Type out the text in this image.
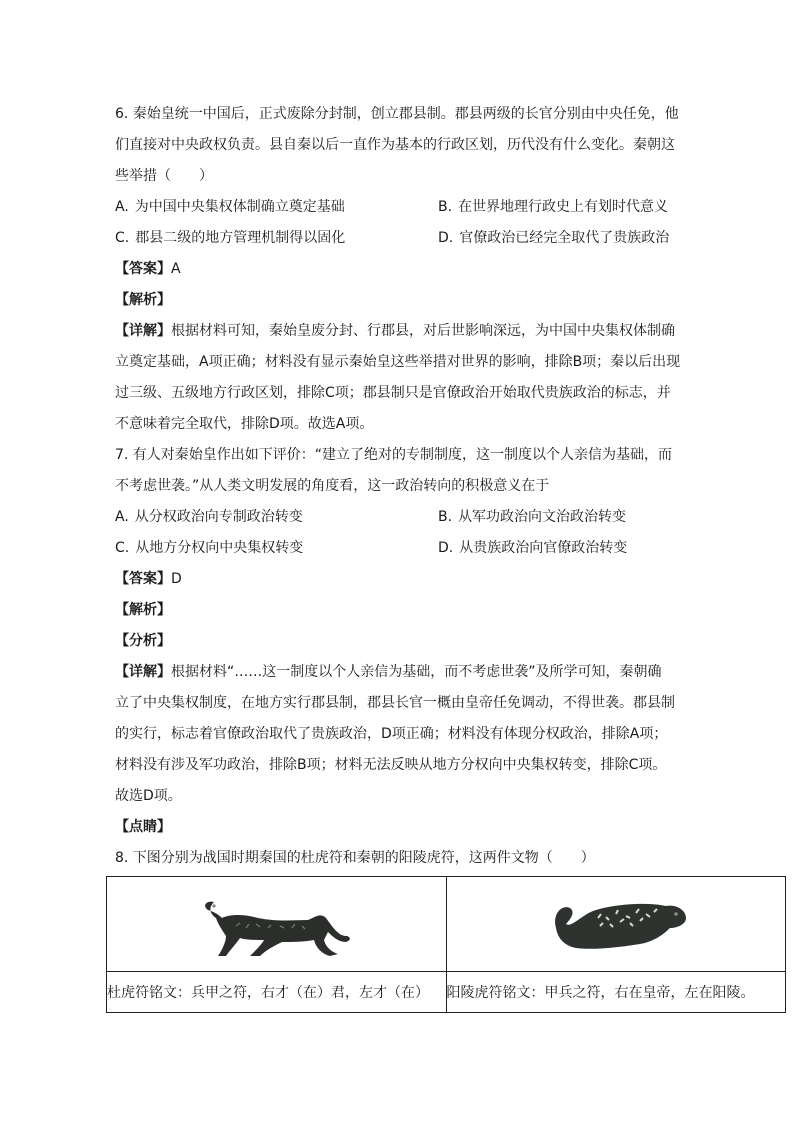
6. 秦始皇统一中国后，正式废除分封制，创立郡县制。郡县两级的长官分别由中央任免，他
们直接对中央政权负责。县自秦以后一直作为基本的行政区划，历代没有什么变化。秦朝这
些举措（　　）
A. 为中国中央集权体制确立奠定基础	B. 在世界地理行政史上有划时代意义
C. 郡县二级的地方管理机制得以固化	D. 官僚政治已经完全取代了贵族政治
【答案】A
【解析】
【详解】根据材料可知，秦始皇废分封、行郡县，对后世影响深远，为中国中央集权体制确
立奠定基础，A项正确；材料没有显示秦始皇这些举措对世界的影响，排除B项；秦以后出现
过三级、五级地方行政区划，排除C项；郡县制只是官僚政治开始取代贵族政治的标志，并
不意味着完全取代，排除D项。故选A项。
7. 有人对秦始皇作出如下评价：“建立了绝对的专制制度，这一制度以个人亲信为基础，而
不考虑世袭。”从人类文明发展的角度看，这一政治转向的积极意义在于
A. 从分权政治向专制政治转变	B. 从军功政治向文治政治转变
C. 从地方分权向中央集权转变	D. 从贵族政治向官僚政治转变
【答案】D
【解析】
【分析】
【详解】根据材料“……这一制度以个人亲信为基础，而不考虑世袭”及所学可知，秦朝确
立了中央集权制度，在地方实行郡县制，郡县长官一概由皇帝任免调动，不得世袭。郡县制
的实行，标志着官僚政治取代了贵族政治，D项正确；材料没有体现分权政治，排除A项；
材料没有涉及军功政治，排除B项；材料无法反映从地方分权向中央集权转变，排除C项。
故选D项。
【点睛】
8. 下图分别为战国时期秦国的杜虎符和秦朝的阳陵虎符，这两件文物（　　）

杜虎符铭文：兵甲之符，右才（在）君，左才（在）	阳陵虎符铭文：甲兵之符，右在皇帝，左在阳陵。
